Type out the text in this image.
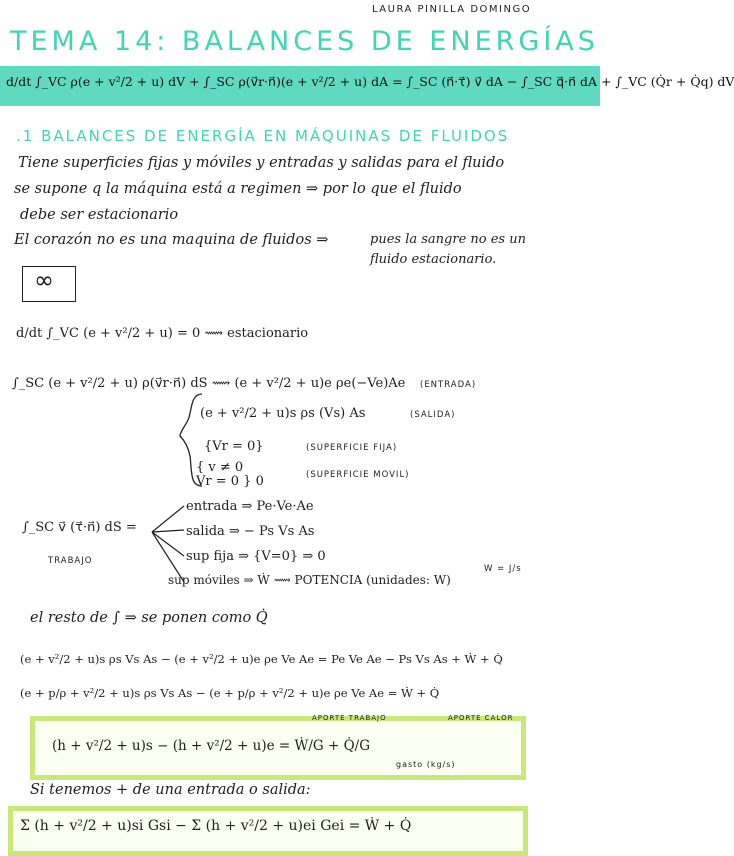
LAURA PINILLA DOMINGO
TEMA 14: BALANCES DE ENERGÍAS
d/dt ∫_VC ρ(e + v²/2 + u) dV + ∫_SC ρ(v⃗r·n⃗)(e + v²/2 + u) dA = ∫_SC (n⃗·τ⃗) v⃗ dA − ∫_SC q⃗·n⃗ dA + ∫_VC (Q̇r + Q̇q) dV
.1 BALANCES DE ENERGÍA EN MÁQUINAS DE FLUIDOS
Tiene superficies fijas y móviles y entradas y salidas para el fluido
se supone q la máquina está a regimen ⇒ por lo que el fluido
debe ser estacionario
El corazón no es una maquina de fluidos ⇒	pues la sangre no es un
fluido estacionario.
∞
d/dt ∫_VC (e + v²/2 + u) = 0 ⟿ estacionario
∫_SC (e + v²/2 + u) ρ(v⃗r·n⃗) dS ⟿ (e + v²/2 + u)e ρe(−Ve)Ae (ENTRADA)
(e + v²/2 + u)s ρs (Vs) As	(SALIDA)
{Vr = 0}	(SUPERFICIE FIJA)
{ v ≠ 0
Vr = 0 } 0	(SUPERFICIE MOVIL)
∫_SC v⃗ (τ⃗·n⃗) dS =
TRABAJO
entrada ⇒ Pe·Ve·Ae
salida ⇒ − Ps Vs As
sup fija ⇒ {V=0} ⇒ 0
sup móviles ⇒ Ẇ ⟿ POTENCIA (unidades: W)
W = J/s
el resto de ∫ ⇒ se ponen como Q̇
(e + v²/2 + u)s ρs Vs As − (e + v²/2 + u)e ρe Ve Ae = Pe Ve Ae − Ps Vs As + Ẇ + Q̇
(e + p/ρ + v²/2 + u)s ρs Vs As − (e + p/ρ + v²/2 + u)e ρe Ve Ae = Ẇ + Q̇
APORTE TRABAJO	APORTE CALOR
(h + v²/2 + u)s − (h + v²/2 + u)e = Ẇ/G + Q̇/G
gasto (kg/s)
Si tenemos + de una entrada o salida:
Σ (h + v²/2 + u)si Gsi − Σ (h + v²/2 + u)ei Gei = Ẇ + Q̇
